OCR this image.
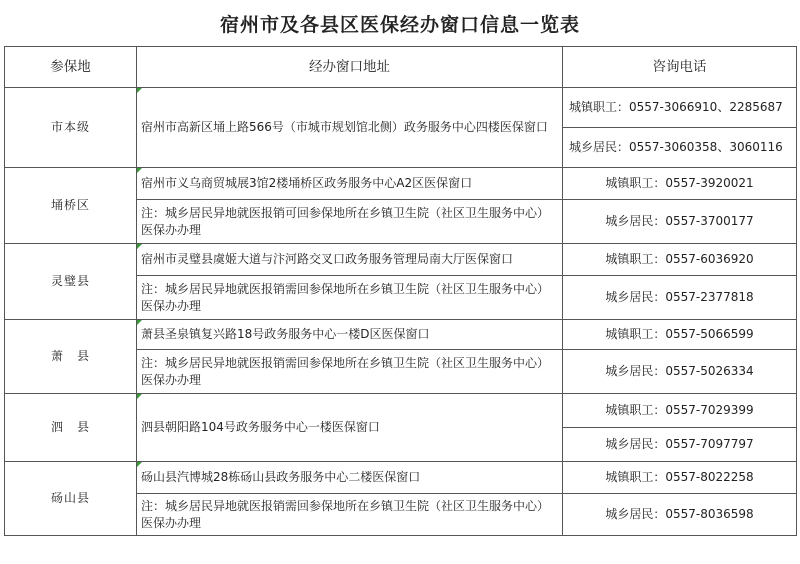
宿州市及各县区医保经办窗口信息一览表
参保地	经办窗口地址	咨询电话
市本级	宿州市高新区埇上路566号（市城市规划馆北侧）政务服务中心四楼医保窗口	城镇职工：0557-3066910、2285687
		城乡居民：0557-3060358、3060116
埇桥区	宿州市义乌商贸城展3馆2楼埇桥区政务服务中心A2区医保窗口	城镇职工：0557-3920021
	注：城乡居民异地就医报销可回参保地所在乡镇卫生院（社区卫生服务中心）医保办办理	城乡居民：0557-3700177
灵璧县	宿州市灵璧县虞姬大道与汴河路交叉口政务服务管理局南大厅医保窗口	城镇职工：0557-6036920
	注：城乡居民异地就医报销需回参保地所在乡镇卫生院（社区卫生服务中心）医保办办理	城乡居民：0557-2377818
萧　县	萧县圣泉镇复兴路18号政务服务中心一楼D区医保窗口	城镇职工：0557-5066599
	注：城乡居民异地就医报销需回参保地所在乡镇卫生院（社区卫生服务中心）医保办办理	城乡居民：0557-5026334
泗　县	泗县朝阳路104号政务服务中心一楼医保窗口	城镇职工：0557-7029399
		城乡居民：0557-7097797
砀山县	砀山县汽博城28栋砀山县政务服务中心二楼医保窗口	城镇职工：0557-8022258
	注：城乡居民异地就医报销需回参保地所在乡镇卫生院（社区卫生服务中心）医保办办理	城乡居民：0557-8036598
